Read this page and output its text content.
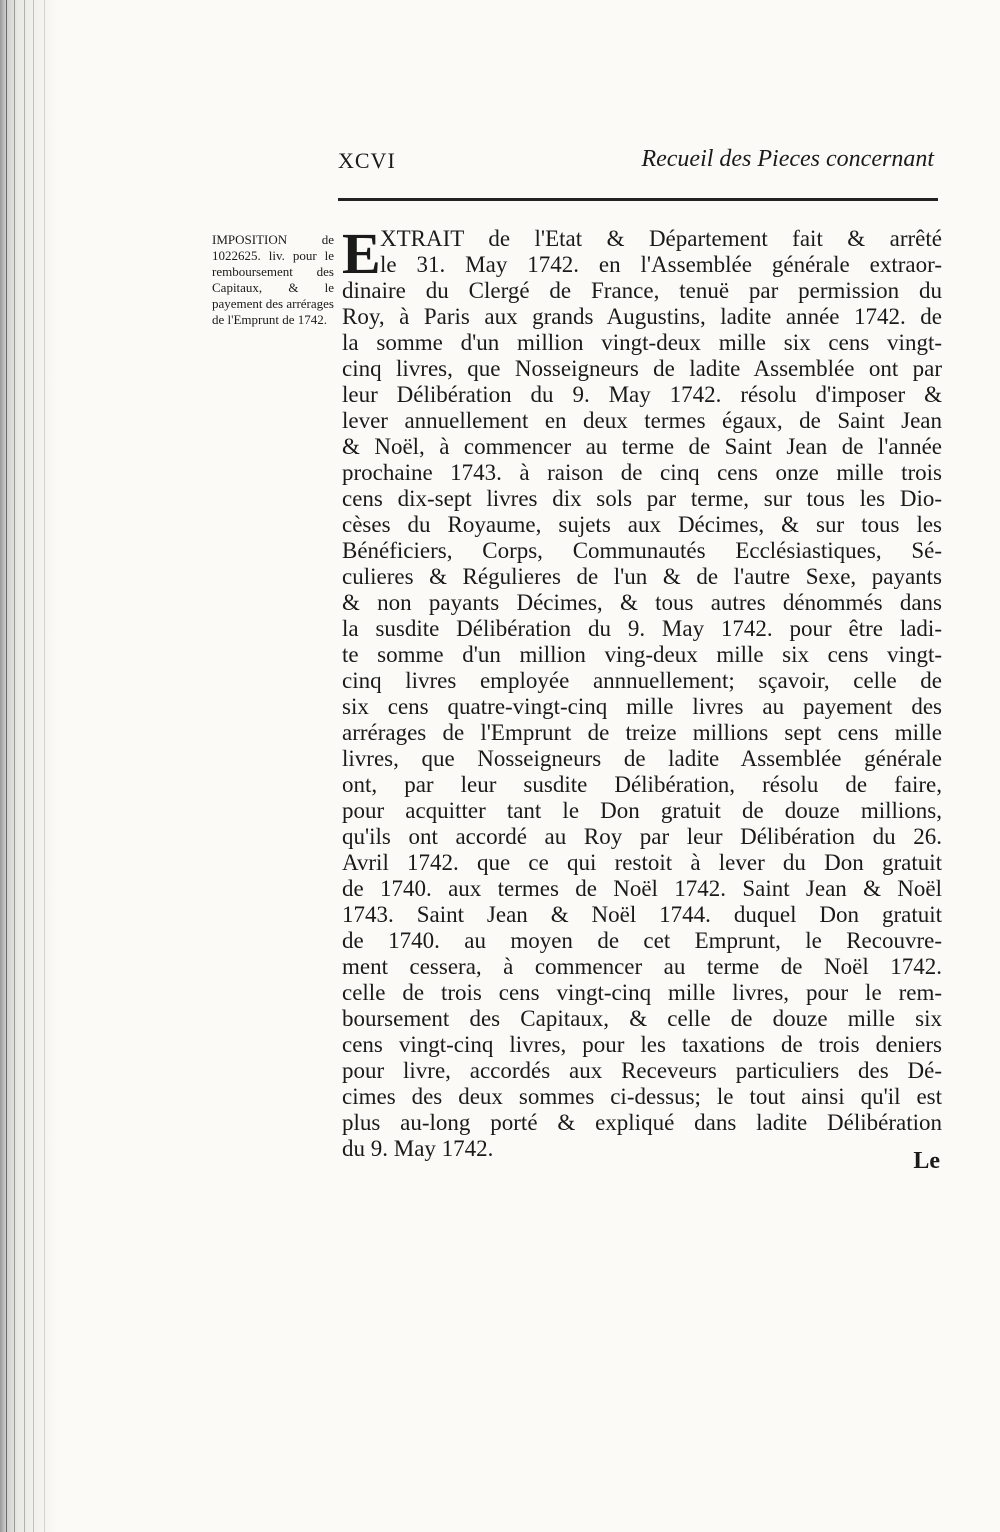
XCVI	Recueil des Pieces concernant
IMPOSITION de 1022625. liv. pour le remboursement des Capitaux, & le payement des arrérages de l'Emprunt de 1742.
E XTRAIT de l'Etat & Département fait & arrêté
le 31. May 1742. en l'Assemblée générale extraor-
dinaire du Clergé de France, tenuë par permission du
Roy, à Paris aux grands Augustins, ladite année 1742. de
la somme d'un million vingt-deux mille six cens vingt-
cinq livres, que Nosseigneurs de ladite Assemblée ont par
leur Délibération du 9. May 1742. résolu d'imposer &
lever annuellement en deux termes égaux, de Saint Jean
& Noël, à commencer au terme de Saint Jean de l'année
prochaine 1743. à raison de cinq cens onze mille trois
cens dix-sept livres dix sols par terme, sur tous les Dio-
cèses du Royaume, sujets aux Décimes, & sur tous les
Bénéficiers, Corps, Communautés Ecclésiastiques, Sé-
culieres & Régulieres de l'un & de l'autre Sexe, payants
& non payants Décimes, & tous autres dénommés dans
la susdite Délibération du 9. May 1742. pour être ladi-
te somme d'un million ving-deux mille six cens vingt-
cinq livres employée annnuellement; sçavoir, celle de
six cens quatre-vingt-cinq mille livres au payement des
arrérages de l'Emprunt de treize millions sept cens mille
livres, que Nosseigneurs de ladite Assemblée générale
ont, par leur susdite Délibération, résolu de faire,
pour acquitter tant le Don gratuit de douze millions,
qu'ils ont accordé au Roy par leur Délibération du 26.
Avril 1742. que ce qui restoit à lever du Don gratuit
de 1740. aux termes de Noël 1742. Saint Jean & Noël
1743. Saint Jean & Noël 1744. duquel Don gratuit
de 1740. au moyen de cet Emprunt, le Recouvre-
ment cessera, à commencer au terme de Noël 1742.
celle de trois cens vingt-cinq mille livres, pour le rem-
boursement des Capitaux, & celle de douze mille six
cens vingt-cinq livres, pour les taxations de trois deniers
pour livre, accordés aux Receveurs particuliers des Dé-
cimes des deux sommes ci-dessus; le tout ainsi qu'il est
plus au-long porté & expliqué dans ladite Délibération
du 9. May 1742.	Le
